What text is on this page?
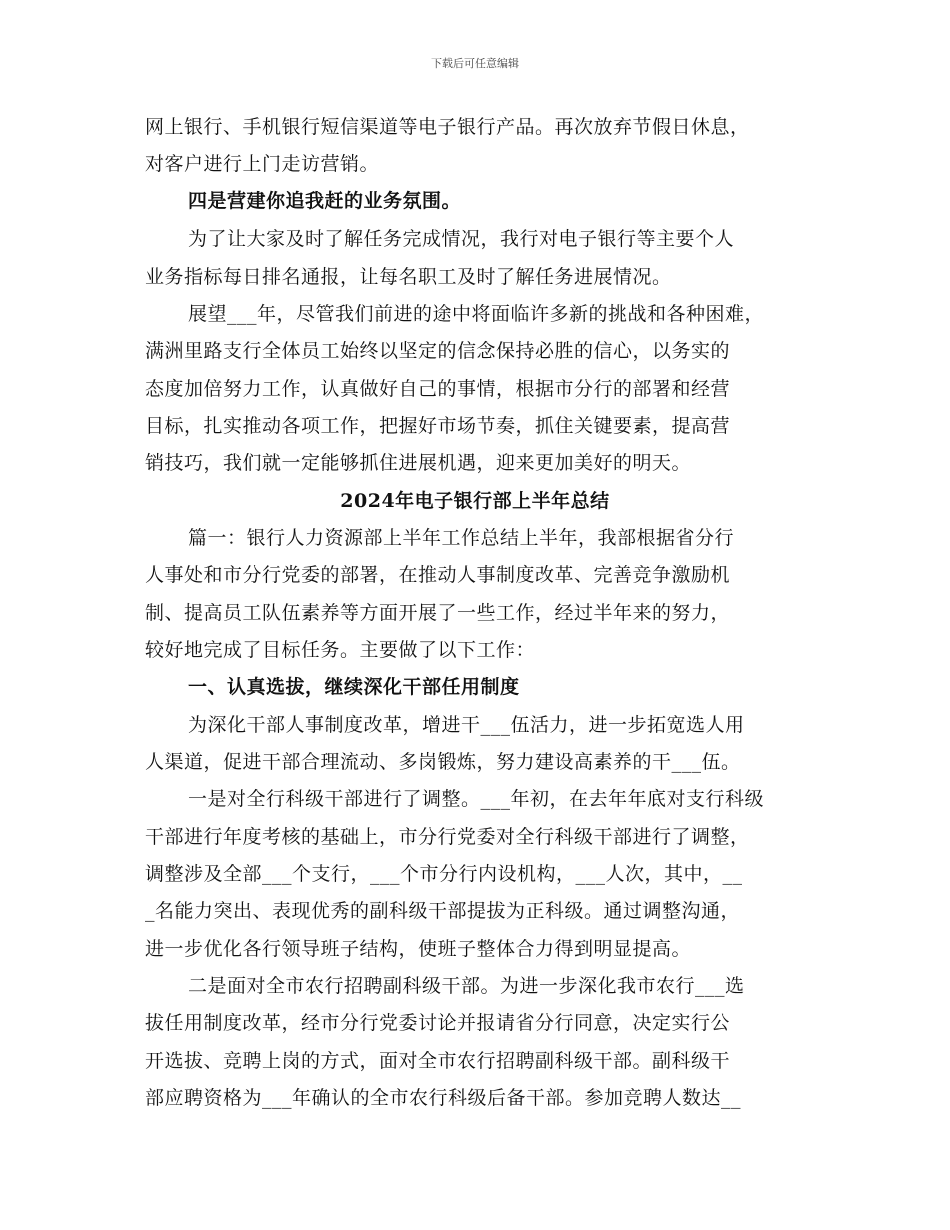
下载后可任意编辑
网上银行、手机银行短信渠道等电子银行产品。再次放弃节假日休息，
对客户进行上门走访营销。
四是营建你追我赶的业务氛围。
为了让大家及时了解任务完成情况，我行对电子银行等主要个人
业务指标每日排名通报，让每名职工及时了解任务进展情况。
展望___年，尽管我们前进的途中将面临许多新的挑战和各种困难，
满洲里路支行全体员工始终以坚定的信念保持必胜的信心，以务实的
态度加倍努力工作，认真做好自己的事情，根据市分行的部署和经营
目标，扎实推动各项工作，把握好市场节奏，抓住关键要素，提高营
销技巧，我们就一定能够抓住进展机遇，迎来更加美好的明天。
2024年电子银行部上半年总结
篇一：银行人力资源部上半年工作总结上半年，我部根据省分行
人事处和市分行党委的部署，在推动人事制度改革、完善竞争激励机
制、提高员工队伍素养等方面开展了一些工作，经过半年来的努力，
较好地完成了目标任务。主要做了以下工作：
一、认真选拔，继续深化干部任用制度
为深化干部人事制度改革，增进干___伍活力，进一步拓宽选人用
人渠道，促进干部合理流动、多岗锻炼，努力建设高素养的干___伍。
一是对全行科级干部进行了调整。___年初，在去年年底对支行科级
干部进行年度考核的基础上，市分行党委对全行科级干部进行了调整，
调整涉及全部___个支行，___个市分行内设机构，___人次，其中，__
_名能力突出、表现优秀的副科级干部提拔为正科级。通过调整沟通，
进一步优化各行领导班子结构，使班子整体合力得到明显提高。
二是面对全市农行招聘副科级干部。为进一步深化我市农行___选
拔任用制度改革，经市分行党委讨论并报请省分行同意，决定实行公
开选拔、竞聘上岗的方式，面对全市农行招聘副科级干部。副科级干
部应聘资格为___年确认的全市农行科级后备干部。参加竞聘人数达__
